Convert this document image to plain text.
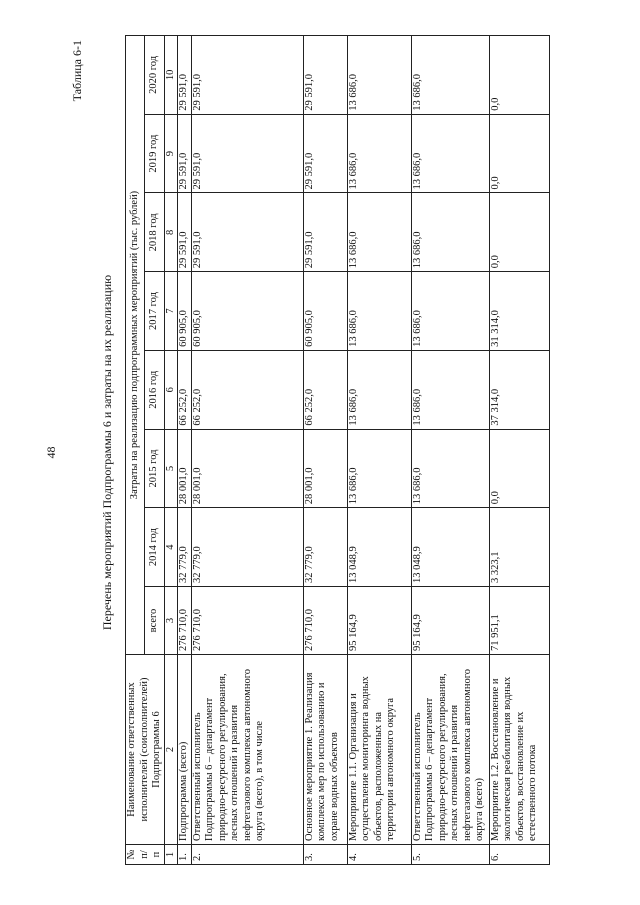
48
Таблица 6-1
Перечень мероприятий Подпрограммы 6 и затраты на их реализацию
№ п/п	Наименование ответственных исполнителей (соисполнителей) Подпрограммы 6	Затраты на реализацию подпрограммных мероприятий (тыс. рублей)							
		всего	2014 год	2015 год	2016 год	2017 год	2018 год	2019 год	2020 год
1	2	3	4	5	6	7	8	9	10
1.	Подпрограмма (всего)	276 710,0	32 779,0	28 001,0	66 252,0	60 905,0	29 591,0	29 591,0	29 591,0
2.	Ответственный исполнитель Подпрограммы 6 – департамент природно-ресурсного регулирования, лесных отношений и развития нефтегазового комплекса автономного округа (всего), в том числе	276 710,0	32 779,0	28 001,0	66 252,0	60 905,0	29 591,0	29 591,0	29 591,0
3.	Основное мероприятие 1. Реализация комплекса мер по использованию и охране водных объектов	276 710,0	32 779,0	28 001,0	66 252,0	60 905,0	29 591,0	29 591,0	29 591,0
4.	Мероприятие 1.1. Организация и осуществление мониторинга водных объектов, расположенных на территории автономного округа	95 164,9	13 048,9	13 686,0	13 686,0	13 686,0	13 686,0	13 686,0	13 686,0
5.	Ответственный исполнитель Подпрограммы 6 – департамент природно-ресурсного регулирования, лесных отношений и развития нефтегазового комплекса автономного округа (всего)	95 164,9	13 048,9	13 686,0	13 686,0	13 686,0	13 686,0	13 686,0	13 686,0
6.	Мероприятие 1.2. Восстановление и экологическая реабилитация водных объектов, восстановление их естественного потока	71 951,1	3 323,1	0,0	37 314,0	31 314,0	0,0	0,0	0,0
